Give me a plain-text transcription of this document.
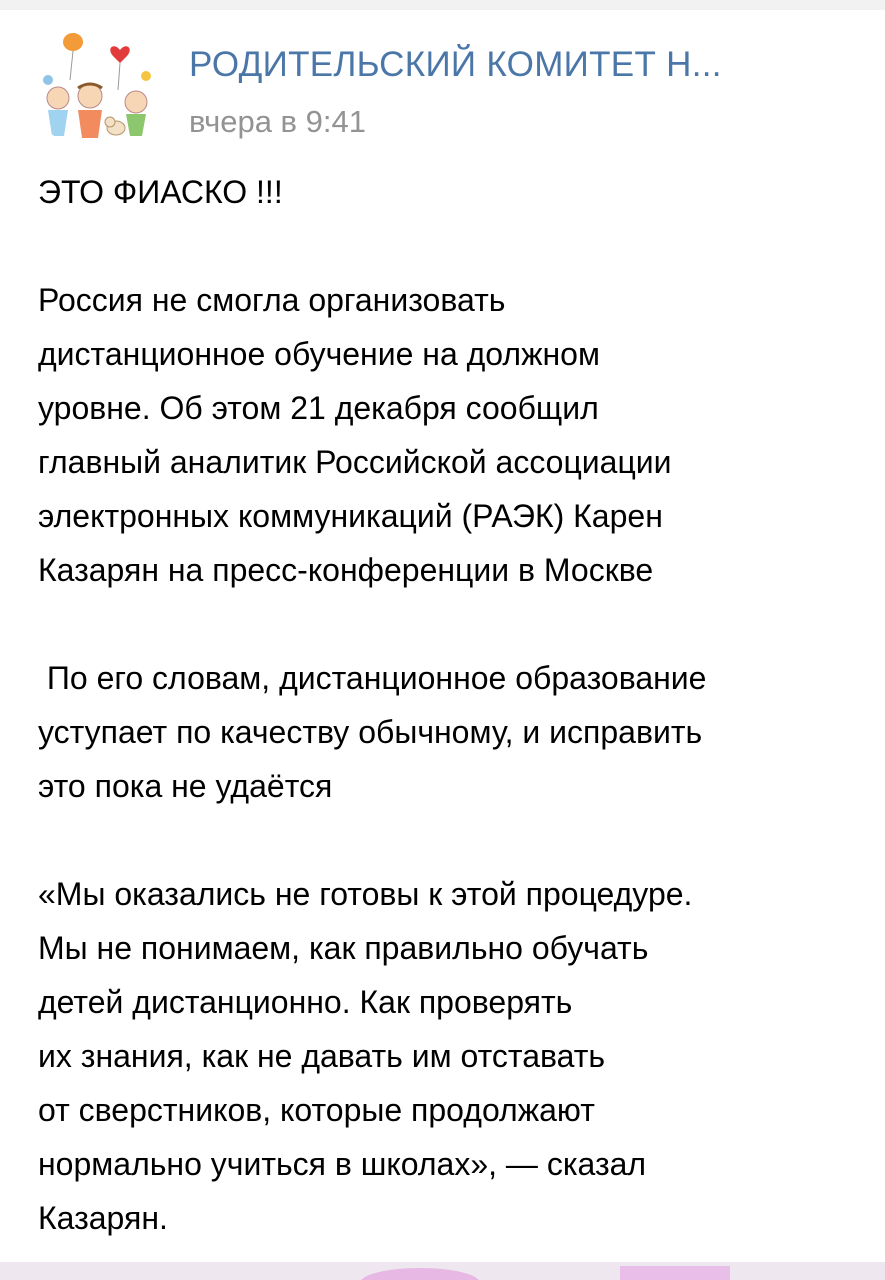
РОДИТЕЛЬСКИЙ КОМИТЕТ Н...
вчера в 9:41

ЭТО ФИАСКО !!!

Россия не смогла организовать
дистанционное обучение на должном
уровне. Об этом 21 декабря сообщил
главный аналитик Российской ассоциации
электронных коммуникаций (РАЭК) Карен
Казарян на пресс-конференции в Москве

По его словам, дистанционное образование
уступает по качеству обычному, и исправить
это пока не удаётся

«Мы оказались не готовы к этой процедуре.
Мы не понимаем, как правильно обучать
детей дистанционно. Как проверять
их знания, как не давать им отставать
от сверстников, которые продолжают
нормально учиться в школах», — сказал
Казарян.
